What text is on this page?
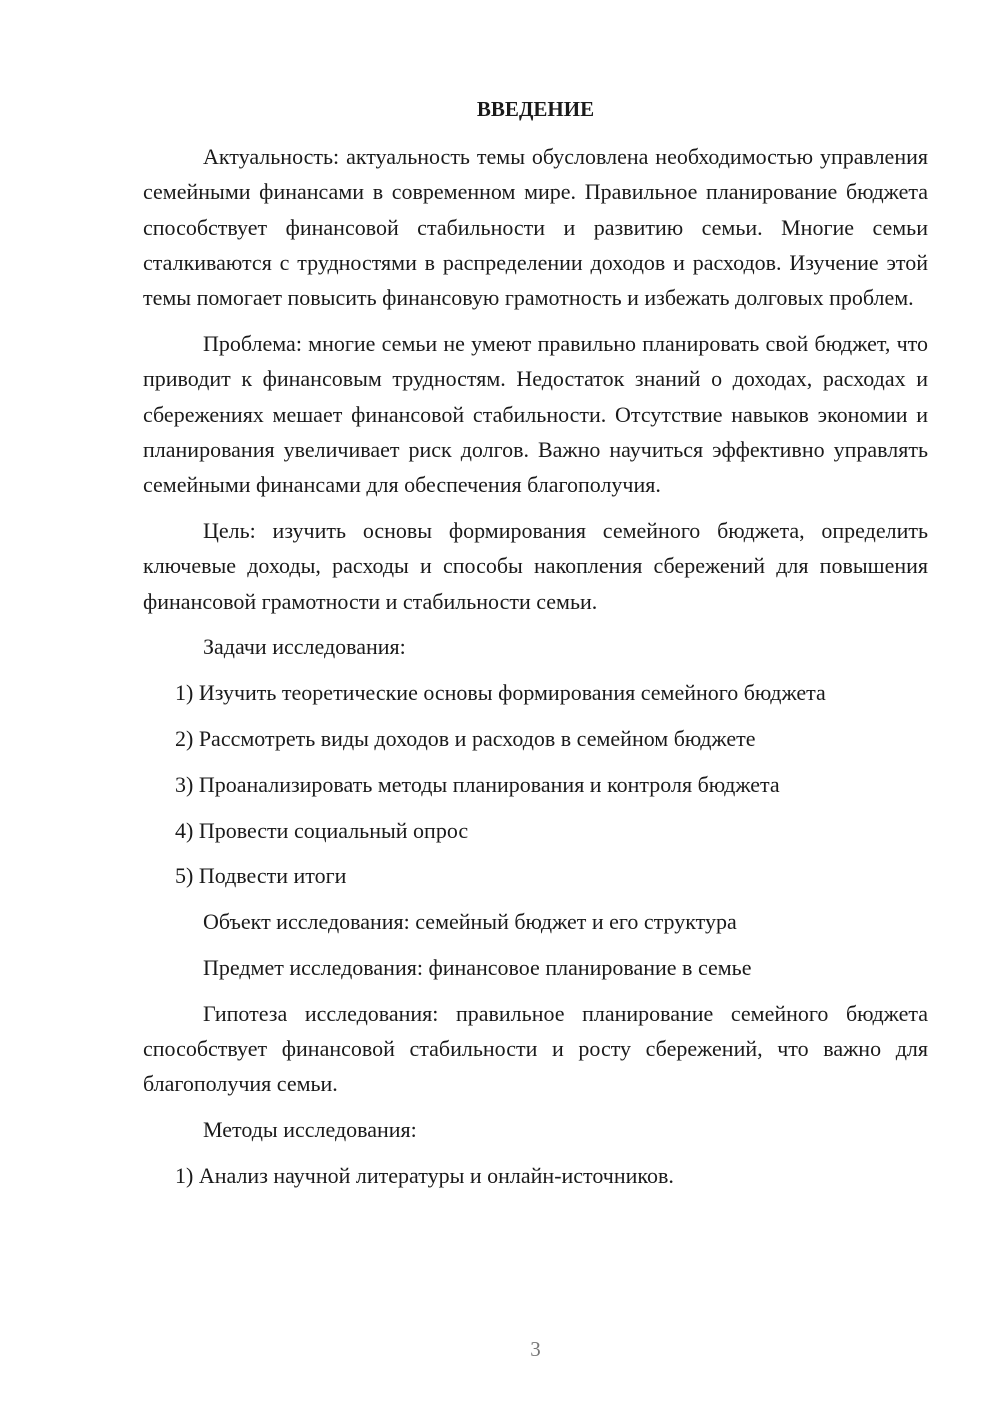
ВВЕДЕНИЕ
Актуальность: актуальность темы обусловлена необходимостью управления семейными финансами в современном мире. Правильное планирование бюджета способствует финансовой стабильности и развитию семьи. Многие семьи сталкиваются с трудностями в распределении доходов и расходов. Изучение этой темы помогает повысить финансовую грамотность и избежать долговых проблем.
Проблема: многие семьи не умеют правильно планировать свой бюджет, что приводит к финансовым трудностям. Недостаток знаний о доходах, расходах и сбережениях мешает финансовой стабильности. Отсутствие навыков экономии и планирования увеличивает риск долгов. Важно научиться эффективно управлять семейными финансами для обеспечения благополучия.
Цель: изучить основы формирования семейного бюджета, определить ключевые доходы, расходы и способы накопления сбережений для повышения финансовой грамотности и стабильности семьи.
Задачи исследования:
1) Изучить теоретические основы формирования семейного бюджета
2) Рассмотреть виды доходов и расходов в семейном бюджете
3) Проанализировать методы планирования и контроля бюджета
4) Провести социальный опрос
5) Подвести итоги
Объект исследования: семейный бюджет и его структура
Предмет исследования: финансовое планирование в семье
Гипотеза исследования: правильное планирование семейного бюджета способствует финансовой стабильности и росту сбережений, что важно для благополучия семьи.
Методы исследования:
1) Анализ научной литературы и онлайн-источников.
3
